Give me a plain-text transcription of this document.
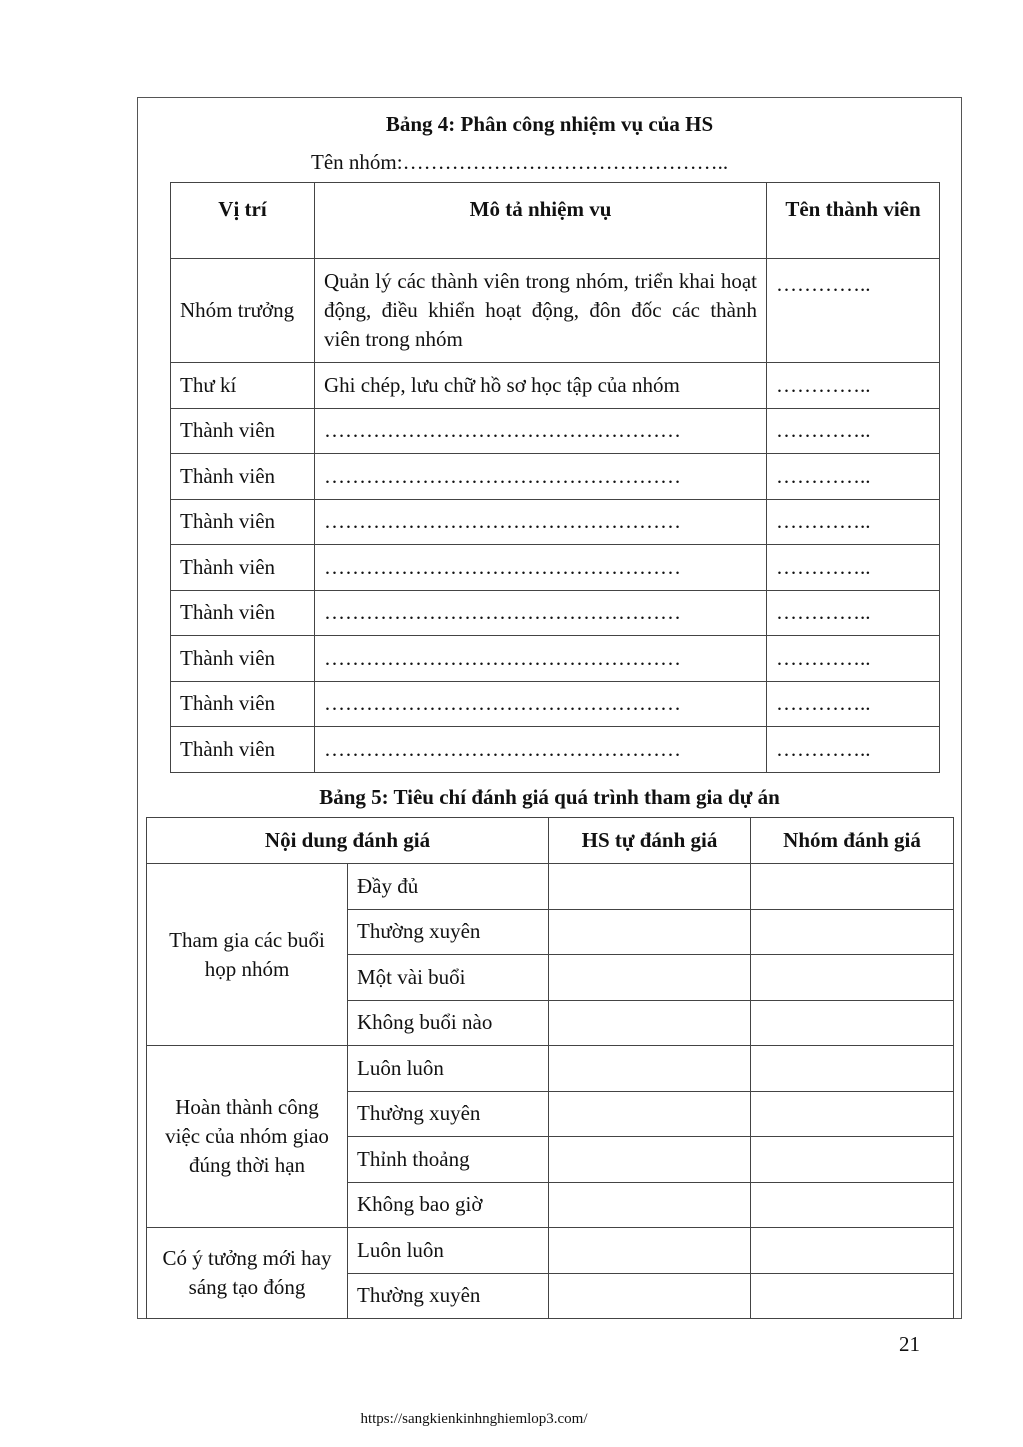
Bảng 4: Phân công nhiệm vụ của HS
Tên nhóm:………………………………………..
Vị trí	Mô tả nhiệm vụ	Tên thành viên
Nhóm trưởng	Quản lý các thành viên trong nhóm, triển khai hoạt động, điều khiển hoạt động, đôn đốc các thành viên trong nhóm	…………..
Thư kí	Ghi chép, lưu chữ hồ sơ học tập của nhóm	…………..
Thành viên	……………………………………………	…………..
Thành viên	……………………………………………	…………..
Thành viên	……………………………………………	…………..
Thành viên	……………………………………………	…………..
Thành viên	……………………………………………	…………..
Thành viên	……………………………………………	…………..
Thành viên	……………………………………………	…………..
Thành viên	……………………………………………	…………..
Bảng 5: Tiêu chí đánh giá quá trình tham gia dự án
Nội dung đánh giá		HS tự đánh giá	Nhóm đánh giá
Tham gia các buổi họp nhóm	Đầy đủ		
	Thường xuyên		
	Một vài buổi		
	Không buổi nào		
Hoàn thành công việc của nhóm giao đúng thời hạn	Luôn luôn		
	Thường xuyên		
	Thỉnh thoảng		
	Không bao giờ		
Có ý tưởng mới hay sáng tạo đóng	Luôn luôn		
	Thường xuyên		
21
https://sangkienkinhnghiemlop3.com/
